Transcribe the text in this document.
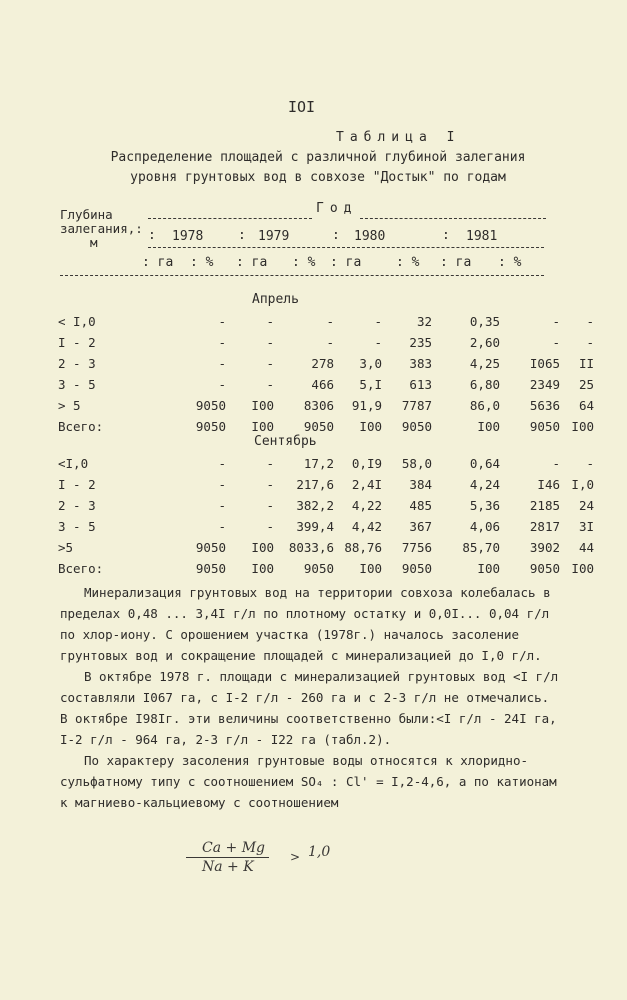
IOI
Таблица I
Распределение площадей с различной глубиной залегания уровня грунтовых вод в совхозе "Достык" по годам
Год
Глубина
залегания,:
м	: 1978	: 1979	: 1980	: 1981
: га : % : га : % : га	: % : га : %
Апрель
< I,0	-	-	-	-	32	0,35	-	-
I - 2	-	-	-	-	235	2,60	-	-
2 - 3	-	-	278	3,0	383	4,25	I065	II
3 - 5	-	-	466	5,I	613	6,80	2349	25
> 5	9050	I00	8306	91,9	7787	86,0	5636	64
Всего:	9050	I00	9050	I00	9050	I00	9050	I00
Сентябрь
<I,0	-	-	17,2	0,I9	58,0	0,64	-	-
I - 2	-	-	217,6	2,4I	384	4,24	I46	I,0
2 - 3	-	-	382,2	4,22	485	5,36	2185	24
3 - 5	-	-	399,4	4,42	367	4,06	2817	3I
>5	9050	I00	8033,6	88,76	7756	85,70	3902	44
Всего:	9050	I00	9050	I00	9050	I00	9050	I00

Минерализация грунтовых вод на территории совхоза колебалась в пределах 0,48 ... 3,4I г/л по плотному остатку и 0,0I... 0,04 г/л по хлор-иону. С орошением участка (1978г.) началось засоление грунтовых вод и сокращение площадей с минерализацией до I,0 г/л.

В октябре 1978 г. площади с минерализацией грунтовых вод <I г/л составляли I067 га, с I-2 г/л - 260 га и с 2-3 г/л не отмечались. В октябре I98Iг. эти величины соответственно были:<I г/л - 24I га, I-2 г/л - 964 га, 2-3 г/л - I22 га (табл.2).

По характеру засоления грунтовые воды относятся к хлоридно-сульфатному типу с соотношением SO₄ : Cl' = I,2-4,6, а по катионам к магниево-кальциевому с соотношением

Ca + Mg
Na + K
> 1,0
